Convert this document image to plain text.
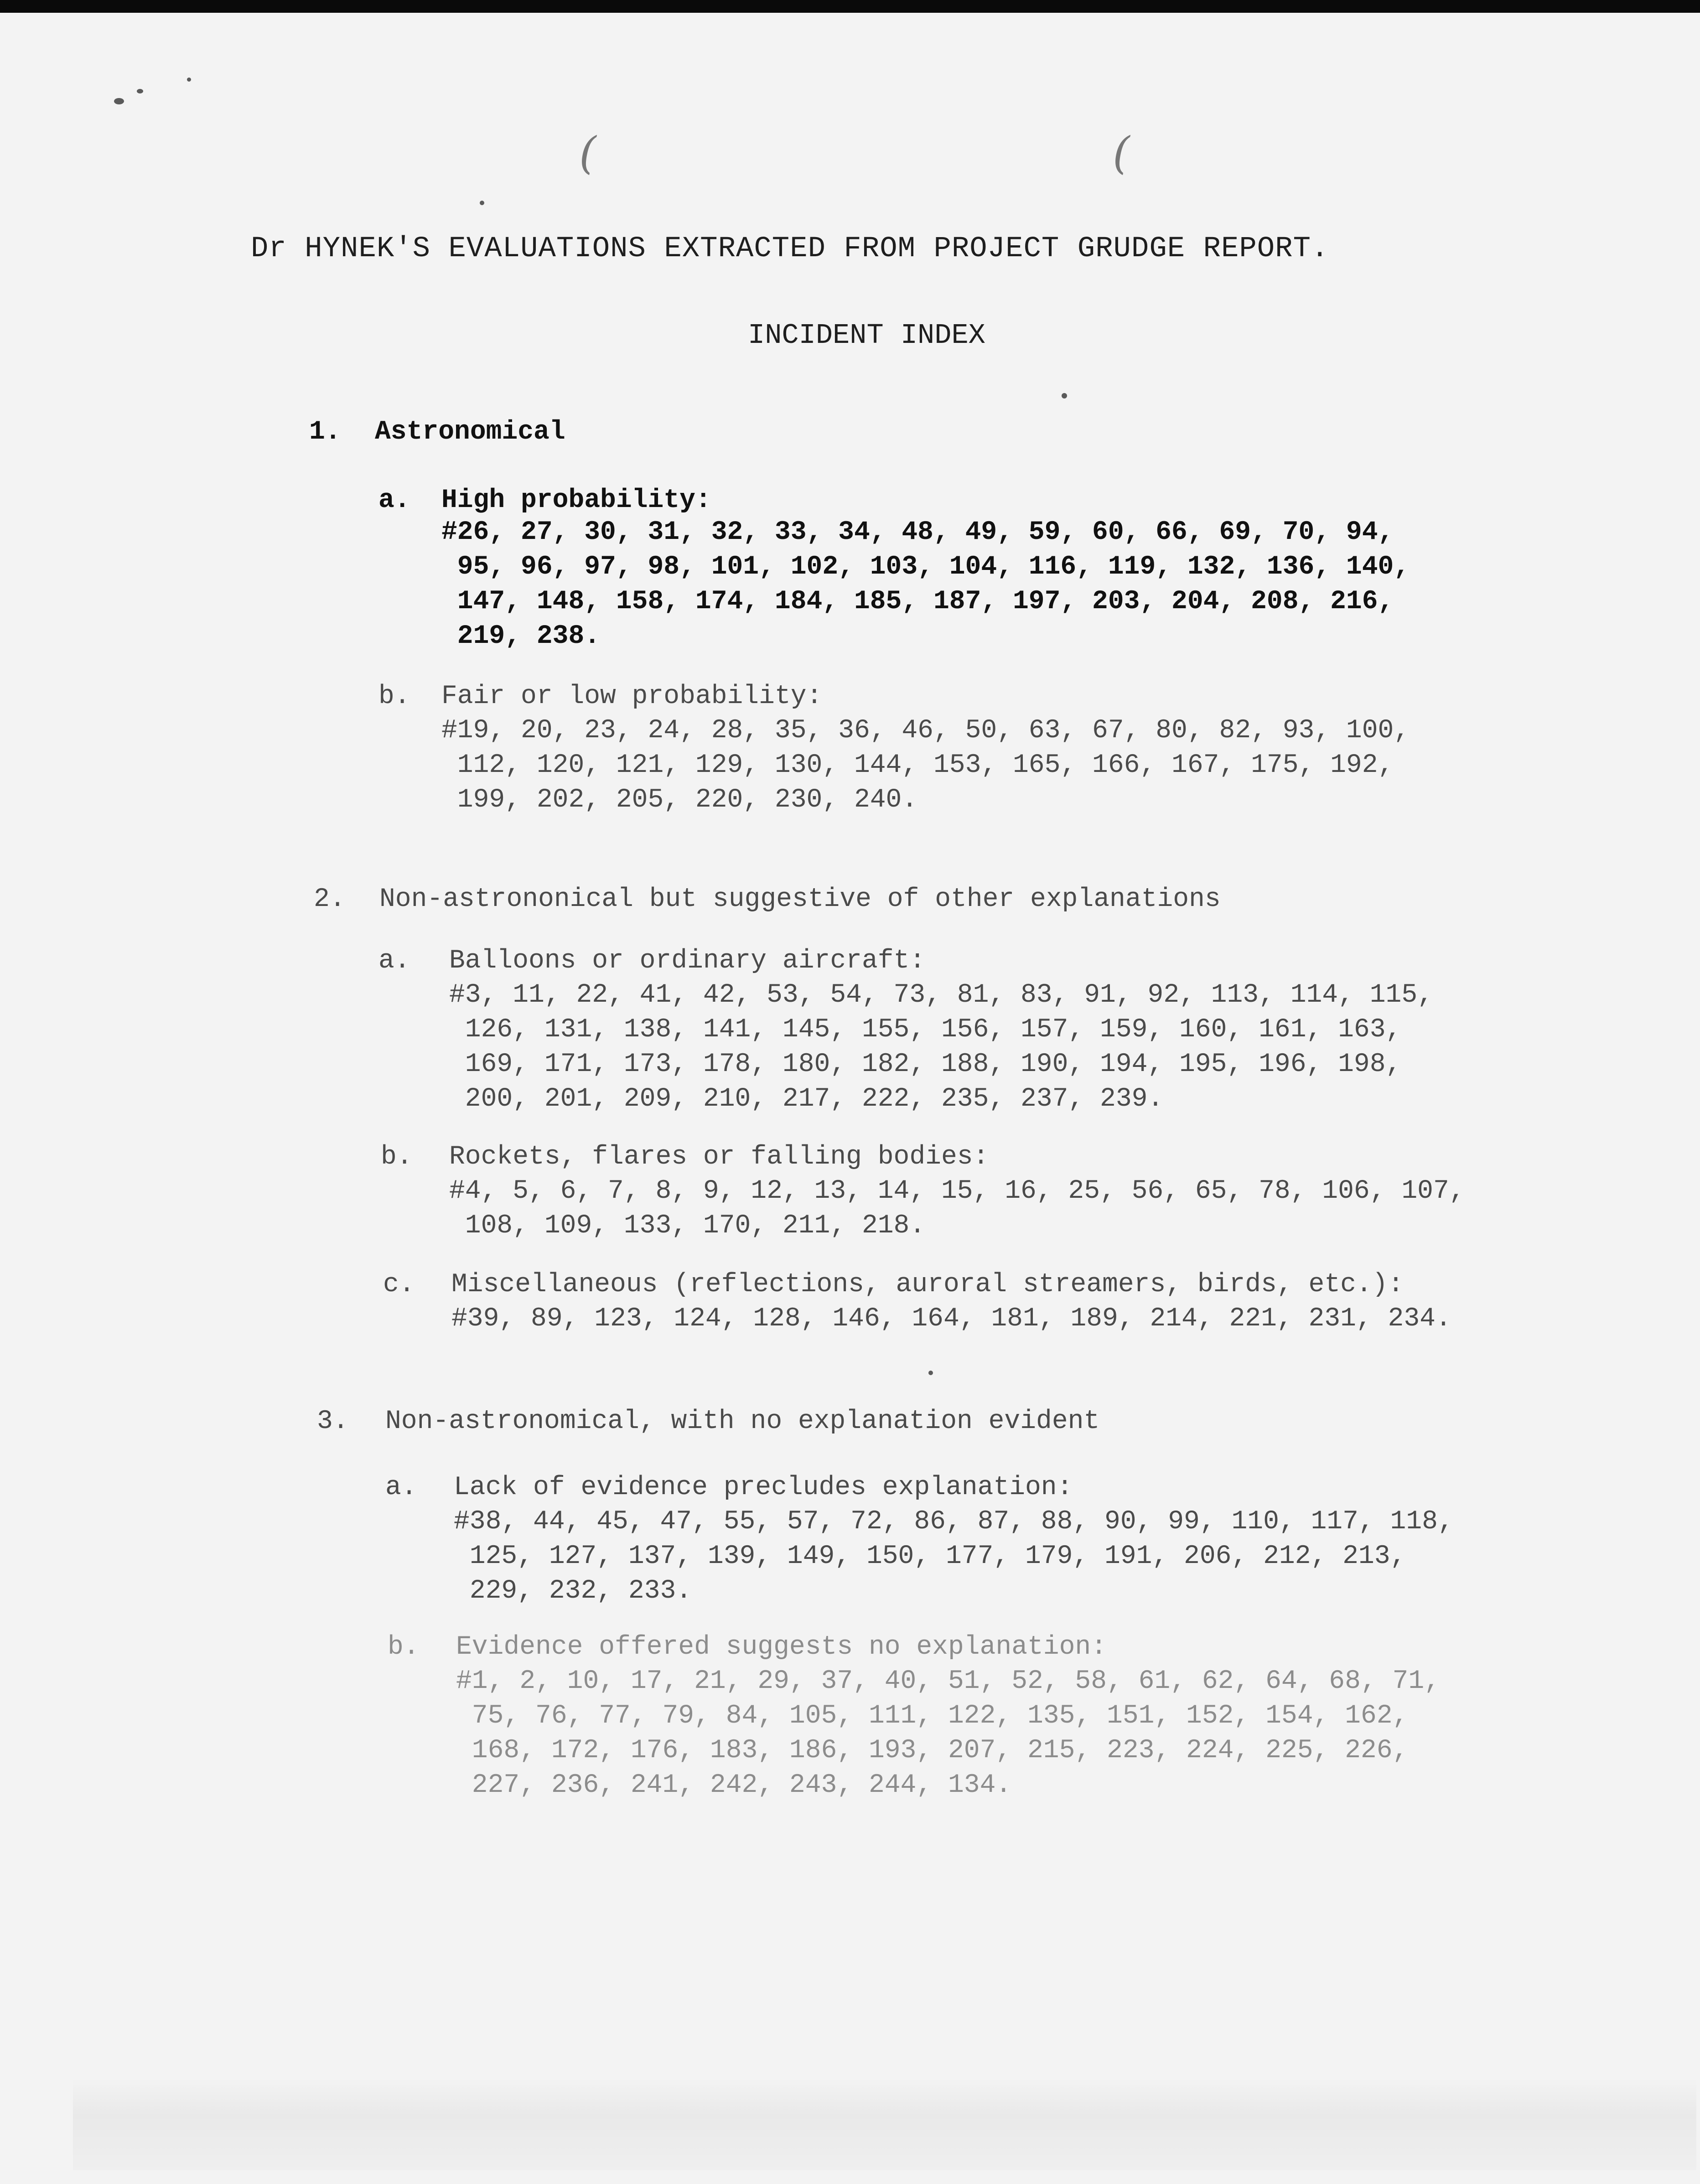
(	(
Dr HYNEK'S EVALUATIONS EXTRACTED FROM PROJECT GRUDGE REPORT.
INCIDENT INDEX
1. Astronomical
a. High probability:
#26, 27, 30, 31, 32, 33, 34, 48, 49, 59, 60, 66, 69, 70, 94,
95, 96, 97, 98, 101, 102, 103, 104, 116, 119, 132, 136, 140,
147, 148, 158, 174, 184, 185, 187, 197, 203, 204, 208, 216,
219, 238.
b. Fair or low probability:
#19, 20, 23, 24, 28, 35, 36, 46, 50, 63, 67, 80, 82, 93, 100,
112, 120, 121, 129, 130, 144, 153, 165, 166, 167, 175, 192,
199, 202, 205, 220, 230, 240.
2. Non-astrononical but suggestive of other explanations
a. Balloons or ordinary aircraft:
#3, 11, 22, 41, 42, 53, 54, 73, 81, 83, 91, 92, 113, 114, 115,
126, 131, 138, 141, 145, 155, 156, 157, 159, 160, 161, 163,
169, 171, 173, 178, 180, 182, 188, 190, 194, 195, 196, 198,
200, 201, 209, 210, 217, 222, 235, 237, 239.
b. Rockets, flares or falling bodies:
#4, 5, 6, 7, 8, 9, 12, 13, 14, 15, 16, 25, 56, 65, 78, 106, 107,
108, 109, 133, 170, 211, 218.
c. Miscellaneous (reflections, auroral streamers, birds, etc.):
#39, 89, 123, 124, 128, 146, 164, 181, 189, 214, 221, 231, 234.
3. Non-astronomical, with no explanation evident
a. Lack of evidence precludes explanation:
#38, 44, 45, 47, 55, 57, 72, 86, 87, 88, 90, 99, 110, 117, 118,
125, 127, 137, 139, 149, 150, 177, 179, 191, 206, 212, 213,
229, 232, 233.
b. Evidence offered suggests no explanation:
#1, 2, 10, 17, 21, 29, 37, 40, 51, 52, 58, 61, 62, 64, 68, 71,
75, 76, 77, 79, 84, 105, 111, 122, 135, 151, 152, 154, 162,
168, 172, 176, 183, 186, 193, 207, 215, 223, 224, 225, 226,
227, 236, 241, 242, 243, 244, 134.
